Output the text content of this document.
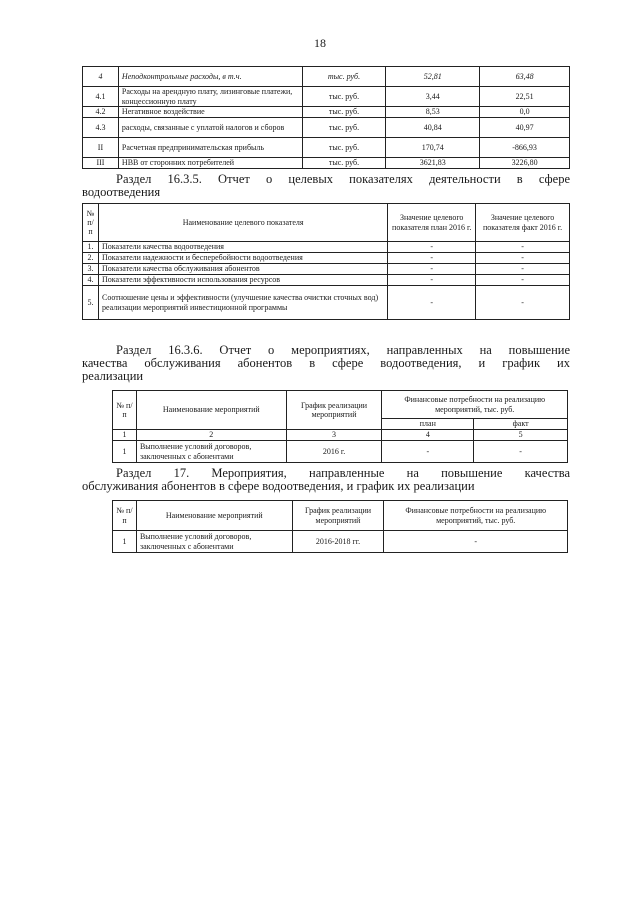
18
4	Неподконтрольные расходы, в т.ч.	тыс. руб.	52,81	63,48
4.1	Расходы на арендную плату, лизинговые платежи, концессионную плату	тыс. руб.	3,44	22,51
4.2	Негативное воздействие	тыс. руб.	8,53	0,0
4.3	расходы, связанные с уплатой налогов и сборов	тыс. руб.	40,84	40,97
II	Расчетная предпринимательская прибыль	тыс. руб.	170,74	-866,93
III	НВВ от сторонних потребителей	тыс. руб.	3621,83	3226,80
Раздел 16.3.5. Отчет о целевых показателях деятельности в сфере
водоотведения
№ п/п	Наименование целевого показателя	Значение целевого показателя план 2016 г.	Значение целевого показателя факт 2016 г.
1.	Показатели качества водоотведения	-	-
2.	Показатели надежности и бесперебойности водоотведения	-	-
3.	Показатели качества обслуживания абонентов	-	-
4.	Показатели эффективности использования ресурсов	-	-
5.	Соотношение цены и эффективности (улучшение качества очистки сточных вод) реализации мероприятий инвестиционной программы	-	-
Раздел 16.3.6. Отчет о мероприятиях, направленных на повышение
качества обслуживания абонентов в сфере водоотведения, и график их
реализации
№ п/п	Наименование мероприятий	График реализации мероприятий	Финансовые потребности на реализацию мероприятий, тыс. руб.	
			план	факт
1	2	3	4	5
1	Выполнение условий договоров, заключенных с абонентами	2016 г.	-	-
Раздел 17. Мероприятия, направленные на повышение качества
обслуживания абонентов в сфере водоотведения, и график их реализации
№ п/п	Наименование мероприятий	График реализации мероприятий	Финансовые потребности на реализацию мероприятий, тыс. руб.
1	Выполнение условий договоров, заключенных с абонентами	2016-2018 гг.	-
